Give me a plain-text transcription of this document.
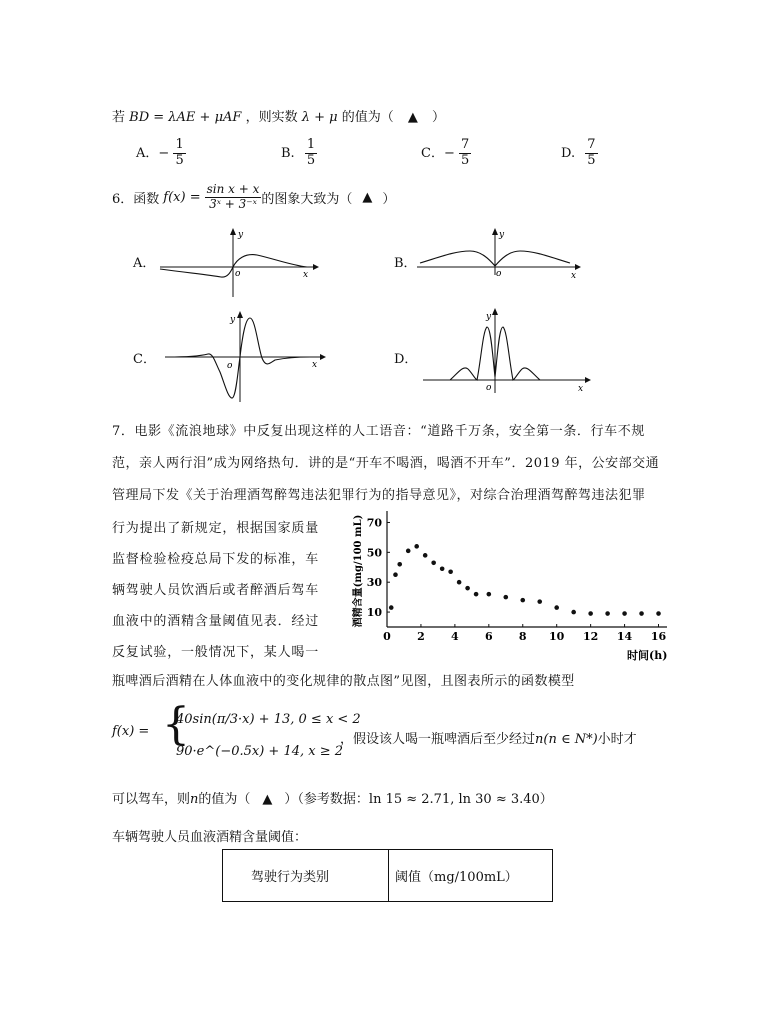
若 BD = λAE + μAF ，则实数 λ + μ 的值为（ ▲ ）
A．− $\frac{1}{5}$	B. $\frac{1}{5}$	C．− $\frac{7}{5}$	D. $\frac{7}{5}$
6．函数 $f(x) = \frac{\text{sin x + x}}{\text{3ˣ + 3⁻ˣ}}$ 的图象大致为（ ▲ ）
A．
y
o	x
B．
y
o	x
C．
y
o	x	D．
y
o	x
7．电影《流浪地球》中反复出现这样的人工语音：“道路千万条，安全第一条．行车不规
范，亲人两行泪”成为网络热句．讲的是“开车不喝酒，喝酒不开车”．2019 年，公安部交通
管理局下发《关于治理酒驾醉驾违法犯罪行为的指导意见》，对综合治理酒驾醉驾违法犯罪
行为提出了新规定，根据国家质量
监督检验检疫总局下发的标准，车
辆驾驶人员饮酒后或者醉酒后驾车
血液中的酒精含量阈值见表．经过
反复试验，一般情况下，某人喝一
0 2 4 6 8 10 12 14 16
10
30
50
70
时间(h)
酒精含量(mg/100 mL)
瓶啤酒后酒精在人体血液中的变化规律的散点图”见图，且图表所示的函数模型
f(x) = {
40sin(π/3·x) + 13, 0 ≤ x < 2
90·e^(−0.5x) + 14, x ≥ 2
，假设该人喝一瓶啤酒后至少经过n(n ∈ N*)小时才
可以驾车，则n的值为（ ▲ ）（参考数据：ln 15 ≈ 2.71, ln 30 ≈ 3.40）
车辆驾驶人员血液酒精含量阈值：
驾驶行为类别	阈值（mg/100mL）
